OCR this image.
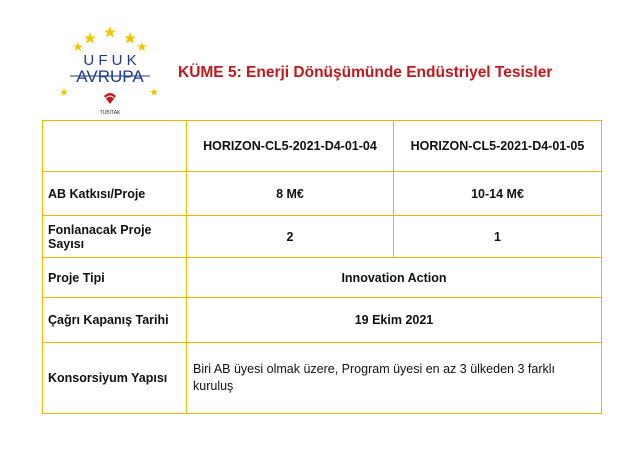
U F U K
AVRUPA
TÜBİTAK
KÜME 5: Enerji Dönüşümünde Endüstriyel Tesisler
	HORIZON-CL5-2021-D4-01-04	HORIZON-CL5-2021-D4-01-05
AB Katkısı/Proje	8 M€	10-14 M€
Fonlanacak Proje Sayısı	2	1
Proje Tipi	Innovation Action	
Çağrı Kapanış Tarihi	19 Ekim 2021	
Konsorsiyum Yapısı	Biri AB üyesi olmak üzere, Program üyesi en az 3 ülkeden 3 farklı kuruluş	
